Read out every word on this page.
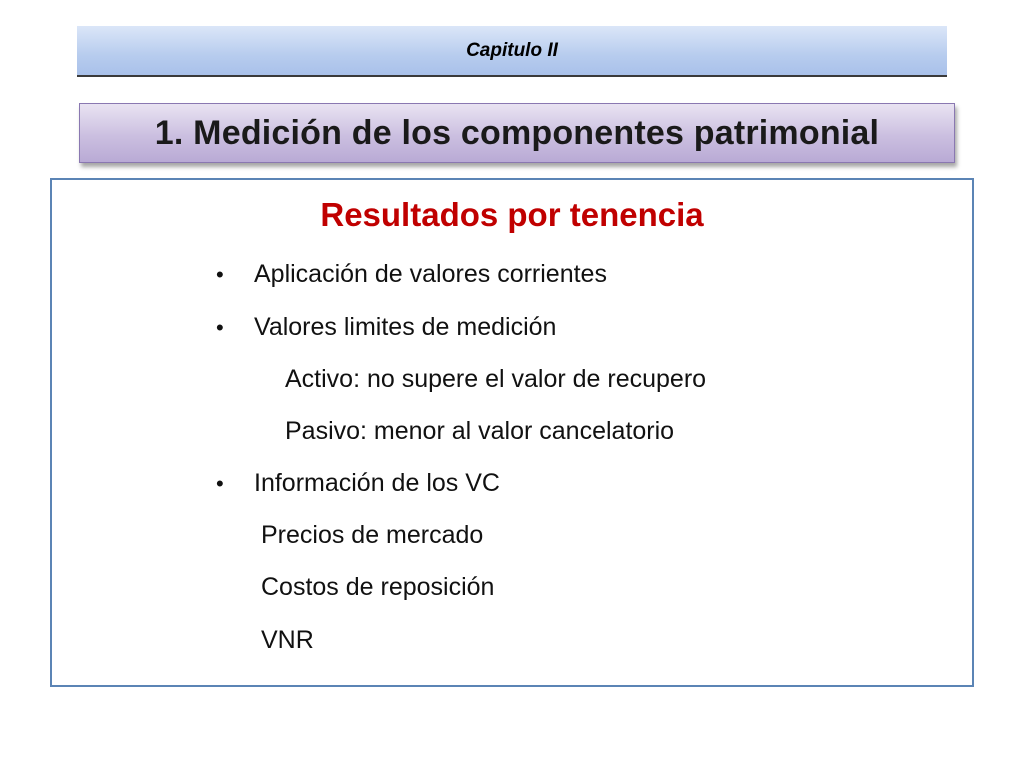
Capitulo II
1. Medición de los componentes patrimonial
Resultados por tenencia
• Aplicación de valores corrientes
• Valores limites de medición
Activo: no supere el valor de recupero
Pasivo: menor al valor cancelatorio
• Información de los VC
Precios de mercado
Costos de reposición
VNR
